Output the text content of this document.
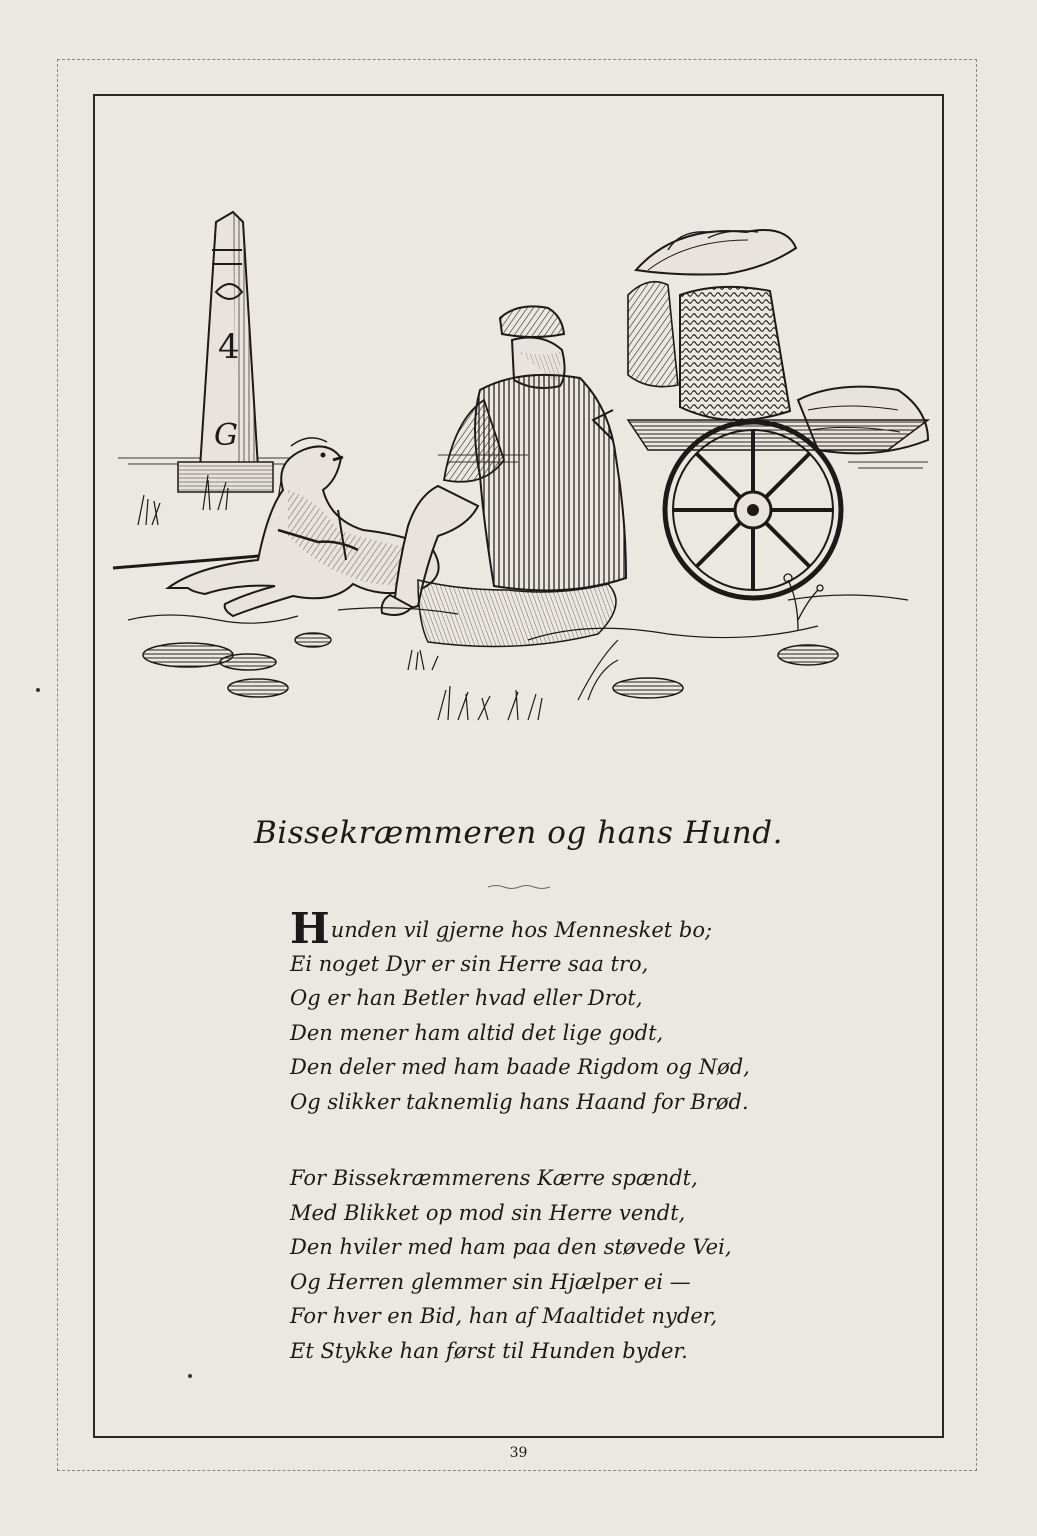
4
G
Bissekræmmeren og hans Hund.
Hunden vil gjerne hos Mennesket bo;
Ei noget Dyr er sin Herre saa tro,
Og er han Betler hvad eller Drot,
Den mener ham altid det lige godt,
Den deler med ham baade Rigdom og Nød,
Og slikker taknemlig hans Haand for Brød.
For Bissekræmmerens Kærre spændt,
Med Blikket op mod sin Herre vendt,
Den hviler med ham paa den støvede Vei,
Og Herren glemmer sin Hjælper ei —
For hver en Bid, han af Maaltidet nyder,
Et Stykke han først til Hunden byder.
39
